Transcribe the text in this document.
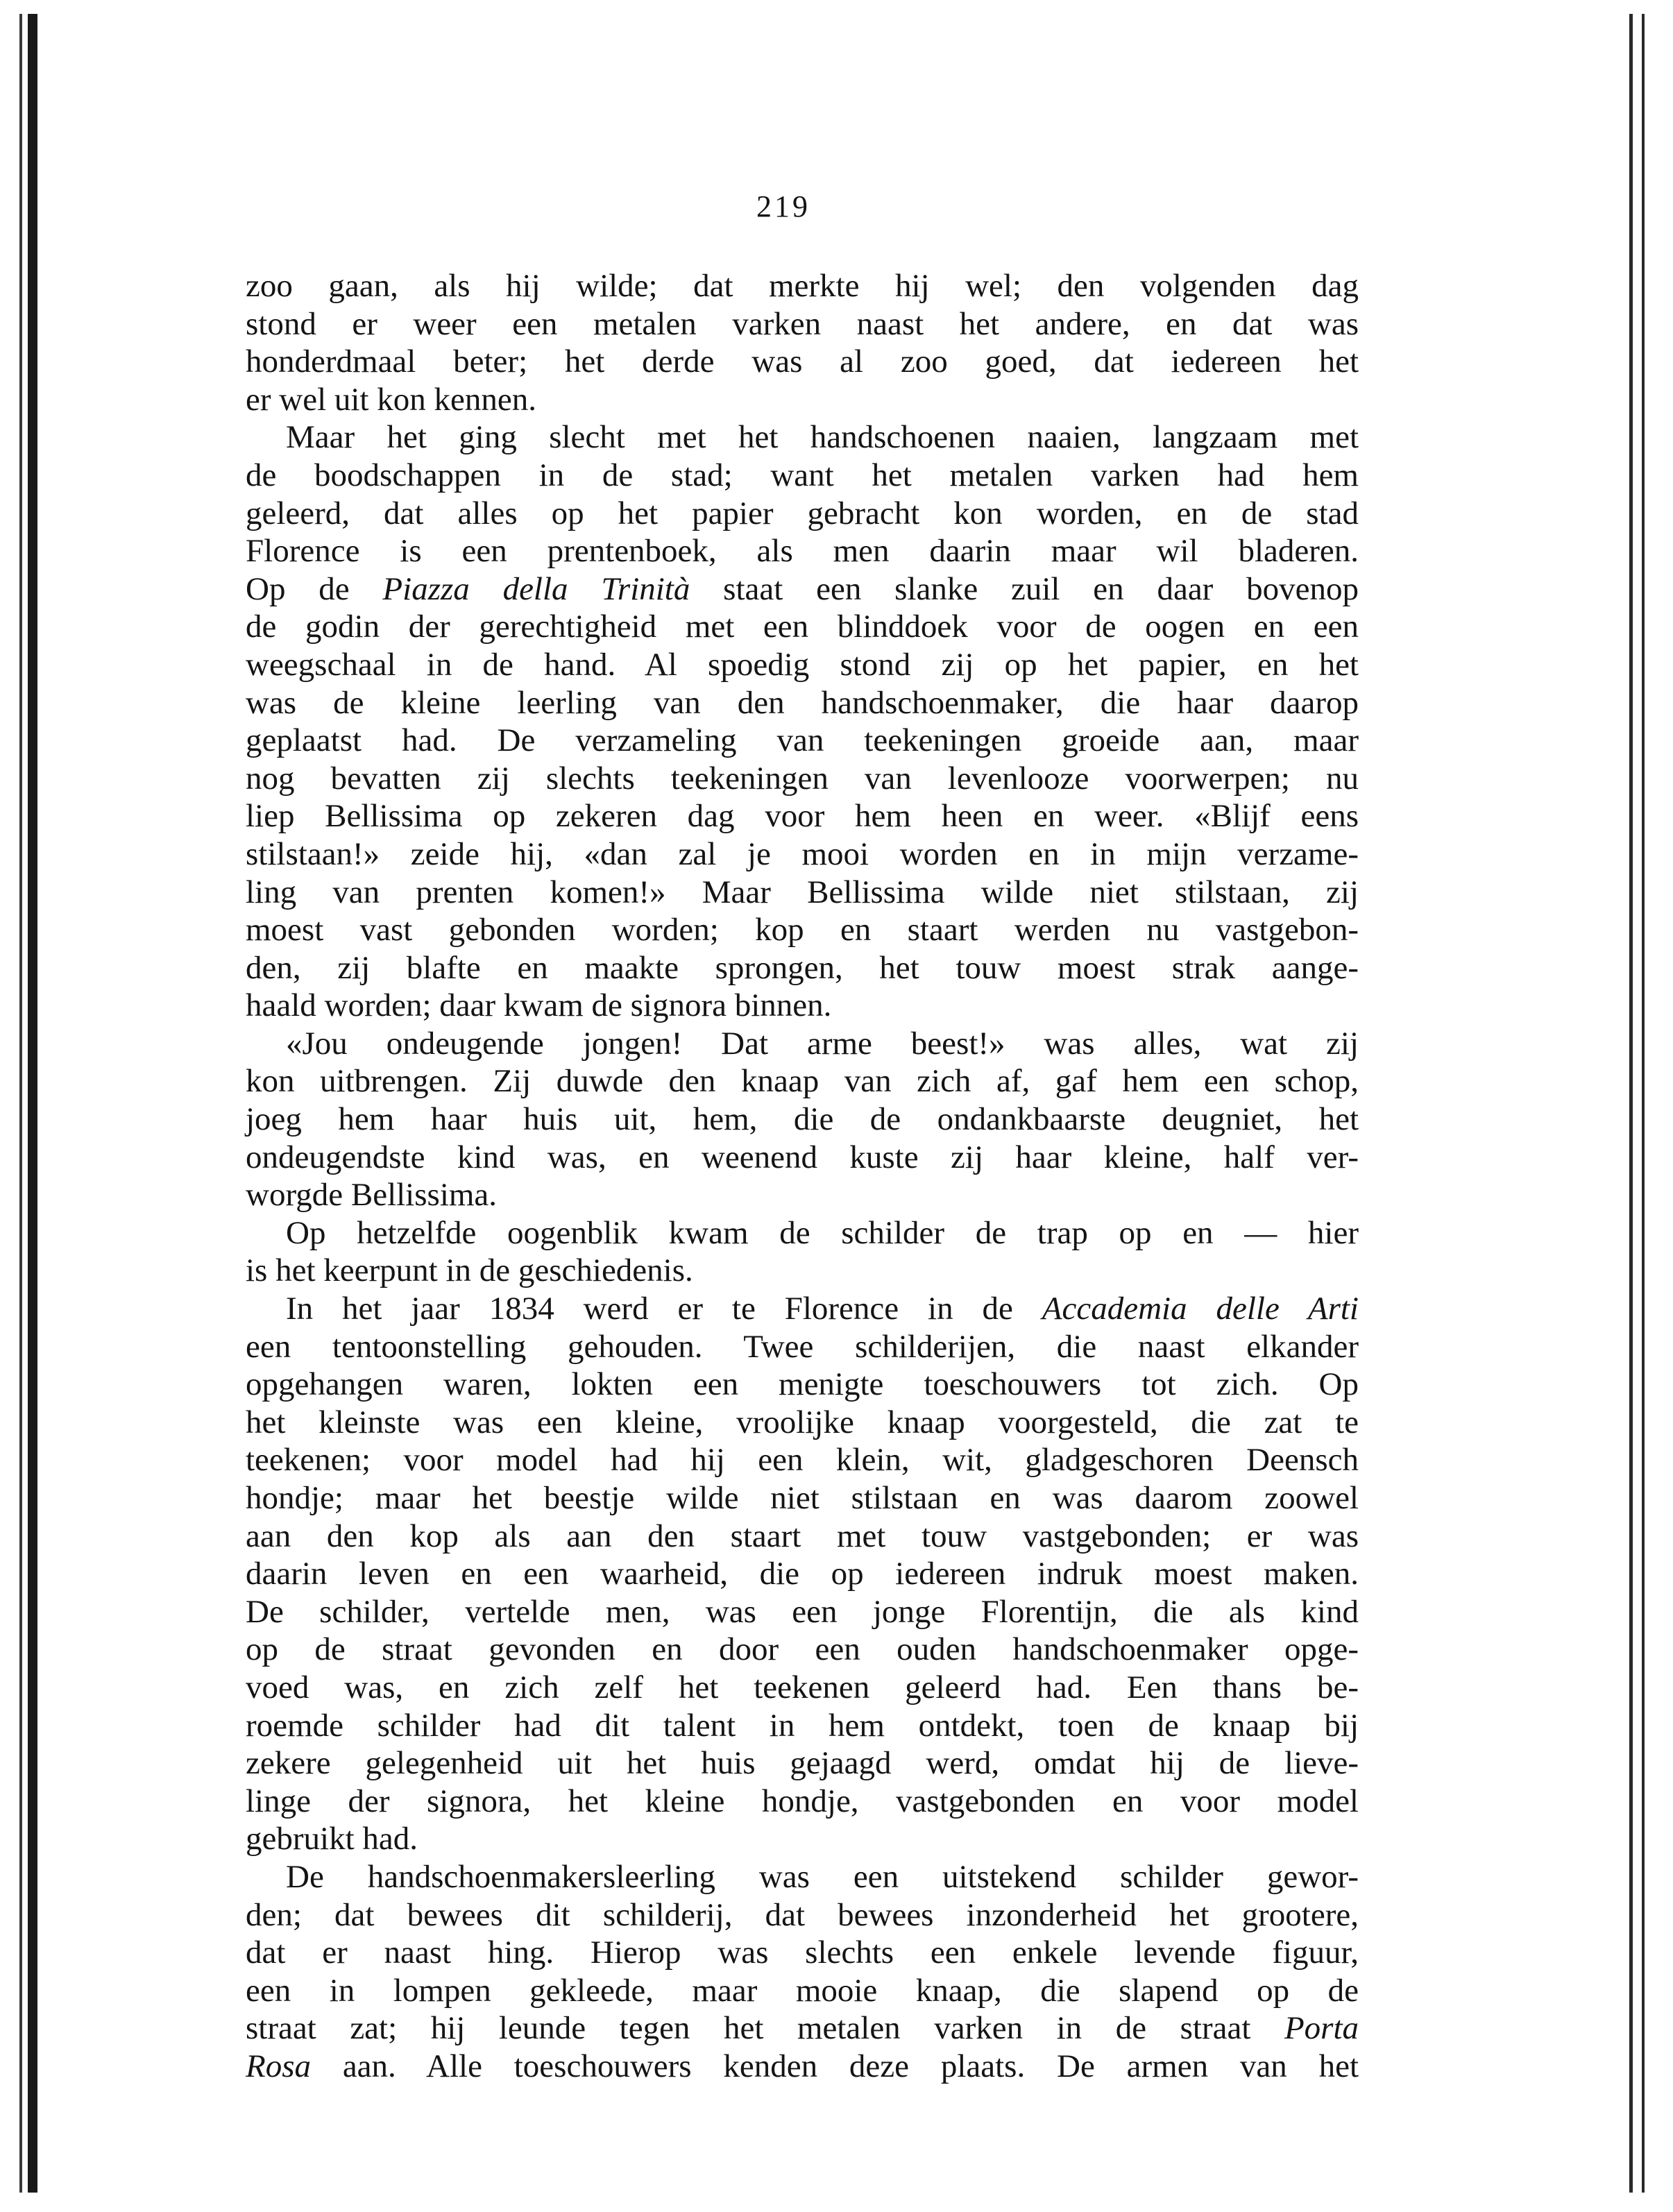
219
zoo gaan, als hij wilde; dat merkte hij wel; den volgenden dag
stond er weer een metalen varken naast het andere, en dat was
honderdmaal beter; het derde was al zoo goed, dat iedereen het
er wel uit kon kennen.
Maar het ging slecht met het handschoenen naaien, langzaam met
de boodschappen in de stad; want het metalen varken had hem
geleerd, dat alles op het papier gebracht kon worden, en de stad
Florence is een prentenboek, als men daarin maar wil bladeren.
Op de Piazza della Trinità staat een slanke zuil en daar bovenop
de godin der gerechtigheid met een blinddoek voor de oogen en een
weegschaal in de hand. Al spoedig stond zij op het papier, en het
was de kleine leerling van den handschoenmaker, die haar daarop
geplaatst had. De verzameling van teekeningen groeide aan, maar
nog bevatten zij slechts teekeningen van levenlooze voorwerpen; nu
liep Bellissima op zekeren dag voor hem heen en weer. «Blijf eens
stilstaan!» zeide hij, «dan zal je mooi worden en in mijn verzame-
ling van prenten komen!» Maar Bellissima wilde niet stilstaan, zij
moest vast gebonden worden; kop en staart werden nu vastgebon-
den, zij blafte en maakte sprongen, het touw moest strak aange-
haald worden; daar kwam de signora binnen.
«Jou ondeugende jongen! Dat arme beest!» was alles, wat zij
kon uitbrengen. Zij duwde den knaap van zich af, gaf hem een schop,
joeg hem haar huis uit, hem, die de ondankbaarste deugniet, het
ondeugendste kind was, en weenend kuste zij haar kleine, half ver-
worgde Bellissima.
Op hetzelfde oogenblik kwam de schilder de trap op en — hier
is het keerpunt in de geschiedenis.
In het jaar 1834 werd er te Florence in de Accademia delle Arti
een tentoonstelling gehouden. Twee schilderijen, die naast elkander
opgehangen waren, lokten een menigte toeschouwers tot zich. Op
het kleinste was een kleine, vroolijke knaap voorgesteld, die zat te
teekenen; voor model had hij een klein, wit, gladgeschoren Deensch
hondje; maar het beestje wilde niet stilstaan en was daarom zoowel
aan den kop als aan den staart met touw vastgebonden; er was
daarin leven en een waarheid, die op iedereen indruk moest maken.
De schilder, vertelde men, was een jonge Florentijn, die als kind
op de straat gevonden en door een ouden handschoenmaker opge-
voed was, en zich zelf het teekenen geleerd had. Een thans be-
roemde schilder had dit talent in hem ontdekt, toen de knaap bij
zekere gelegenheid uit het huis gejaagd werd, omdat hij de lieve-
linge der signora, het kleine hondje, vastgebonden en voor model
gebruikt had.
De handschoenmakersleerling was een uitstekend schilder gewor-
den; dat bewees dit schilderij, dat bewees inzonderheid het grootere,
dat er naast hing. Hierop was slechts een enkele levende figuur,
een in lompen gekleede, maar mooie knaap, die slapend op de
straat zat; hij leunde tegen het metalen varken in de straat Porta
Rosa aan. Alle toeschouwers kenden deze plaats. De armen van het
